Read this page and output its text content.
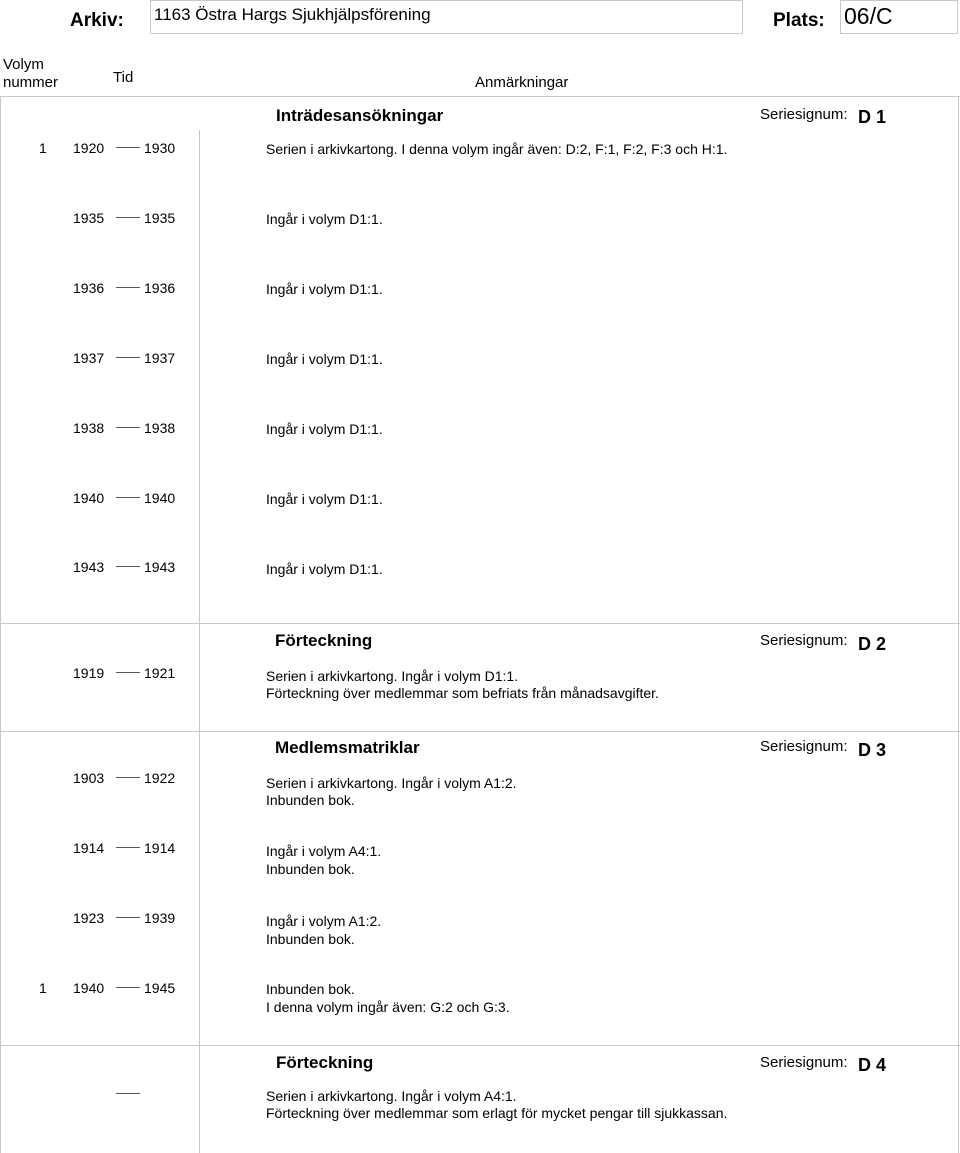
Arkiv: 1163 Östra Hargs Sjukhjälpsförening	Plats: 06/C
Volym
nummer	Tid	Anmärkningar
Inträdesansökningar	Seriesignum: D 1
1 1920	1930	Serien i arkivkartong. I denna volym ingår även: D:2, F:1, F:2, F:3 och H:1.
1935	1935	Ingår i volym D1:1.
1936	1936	Ingår i volym D1:1.
1937	1937	Ingår i volym D1:1.
1938	1938	Ingår i volym D1:1.
1940	1940	Ingår i volym D1:1.
1943	1943	Ingår i volym D1:1.
Förteckning	Seriesignum: D 2
1919	1921	Serien i arkivkartong. Ingår i volym D1:1.
Förteckning över medlemmar som befriats från månadsavgifter.
Medlemsmatriklar	Seriesignum: D 3
1903	1922	Serien i arkivkartong. Ingår i volym A1:2.
Inbunden bok.
1914	1914	Ingår i volym A4:1.
Inbunden bok.
1923	1939	Ingår i volym A1:2.
Inbunden bok.
1 1940	1945	Inbunden bok.
I denna volym ingår även: G:2 och G:3.
Förteckning	Seriesignum: D 4
Serien i arkivkartong. Ingår i volym A4:1.
Förteckning över medlemmar som erlagt för mycket pengar till sjukkassan.
